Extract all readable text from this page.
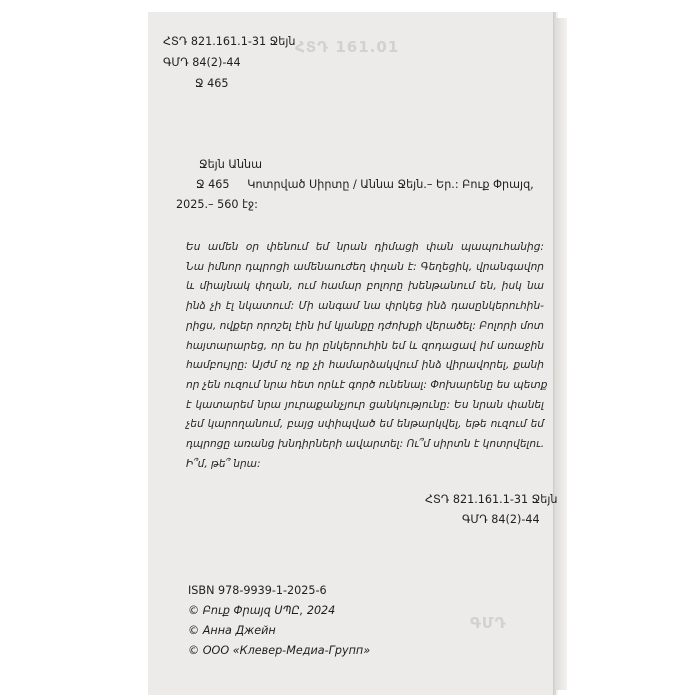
ՀՏԴ 161.01
ԳՄԴ
ՀՏԴ 821.161.1-31 Ջեյն
ԳՄԴ 84(2)-44
Ջ 465
Ջեյն Աննա
Ջ 465     Կոտրված Սիրտը / Աննա Ջեյն.– Եր.: Բուք Փրայզ,
2025.– 560 էջ:
Ես ամեն օր փենում եմ նրան դիմացի փան պապուհանից:
Նա իմնոր դպրոցի ամենաուժեղ փղան է: Գեղեցիկ, վրանգավոր
և միայնակ փղան, ում համար բոլորը խենթանում են, իսկ նա
ինձ չի էլ նկատում: Մի անգամ նա փրկեց ինձ դասընկերուհին-
րիցս, ովքեր որոշել էին իմ կյանքը դժոխքի վերածել: Բոլորի մոտ
հայտարարեց, որ ես իր ընկերուհին եմ և զոդացավ իմ առաջին
համբույրը: Այժմ ոչ ոք չի համարձակվում ինձ վիրավորել, քանի
որ չեն ուզում նրա հետ որևէ գործ ունենալ: Փոխարենը ես պետք
է կատարեմ նրա յուրաքանչյուր ցանկությունը: Ես նրան փանել
չեմ կարողանում, բայց սփիպված եմ ենթարկվել, եթե ուզում եմ
դպրոցը առանց խնդիրների ավարտել: Ու՞մ սիրտն է կոտրվելու.
Ի՞մ, թե՞ նրա:
ՀՏԴ 821.161.1-31 Ջեյն
ԳՄԴ 84(2)-44
ISBN 978-9939-1-2025-6
© Բուք Փրայզ ՍՊԸ, 2024
© Анна Джейн
© ООО «Клевер-Медиа-Групп»
